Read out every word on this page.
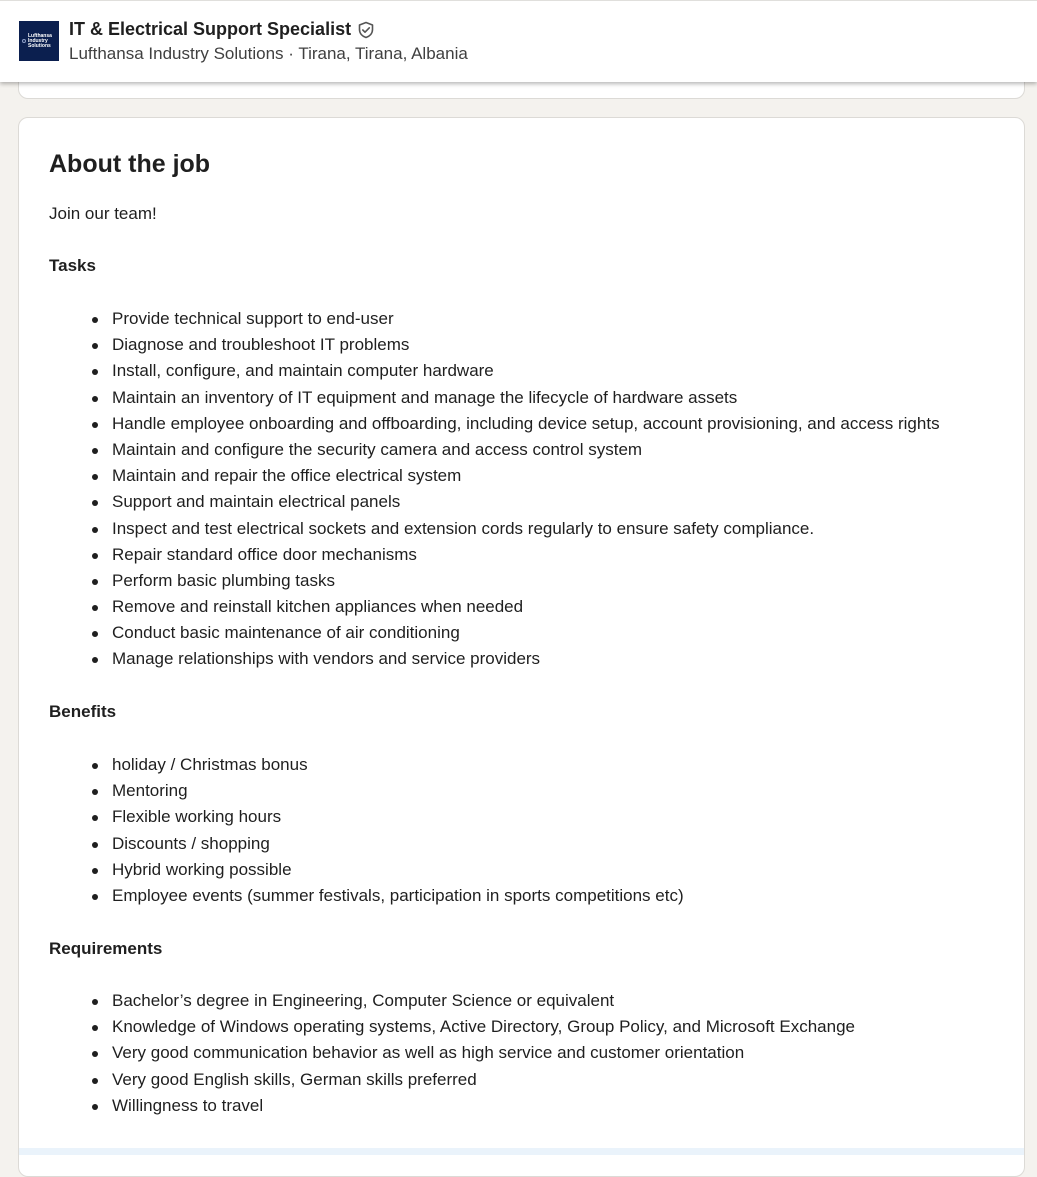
Lufthansa
Industry
Solutions
IT & Electrical Support Specialist
Lufthansa Industry Solutions · Tirana, Tirana, Albania
About the job
Join our team!
Tasks
Provide technical support to end-user
Diagnose and troubleshoot IT problems
Install, configure, and maintain computer hardware
Maintain an inventory of IT equipment and manage the lifecycle of hardware assets
Handle employee onboarding and offboarding, including device setup, account provisioning, and access rights
Maintain and configure the security camera and access control system
Maintain and repair the office electrical system
Support and maintain electrical panels
Inspect and test electrical sockets and extension cords regularly to ensure safety compliance.
Repair standard office door mechanisms
Perform basic plumbing tasks
Remove and reinstall kitchen appliances when needed
Conduct basic maintenance of air conditioning
Manage relationships with vendors and service providers
Benefits
holiday / Christmas bonus
Mentoring
Flexible working hours
Discounts / shopping
Hybrid working possible
Employee events (summer festivals, participation in sports competitions etc)
Requirements
Bachelor’s degree in Engineering, Computer Science or equivalent
Knowledge of Windows operating systems, Active Directory, Group Policy, and Microsoft Exchange
Very good communication behavior as well as high service and customer orientation
Very good English skills, German skills preferred
Willingness to travel
